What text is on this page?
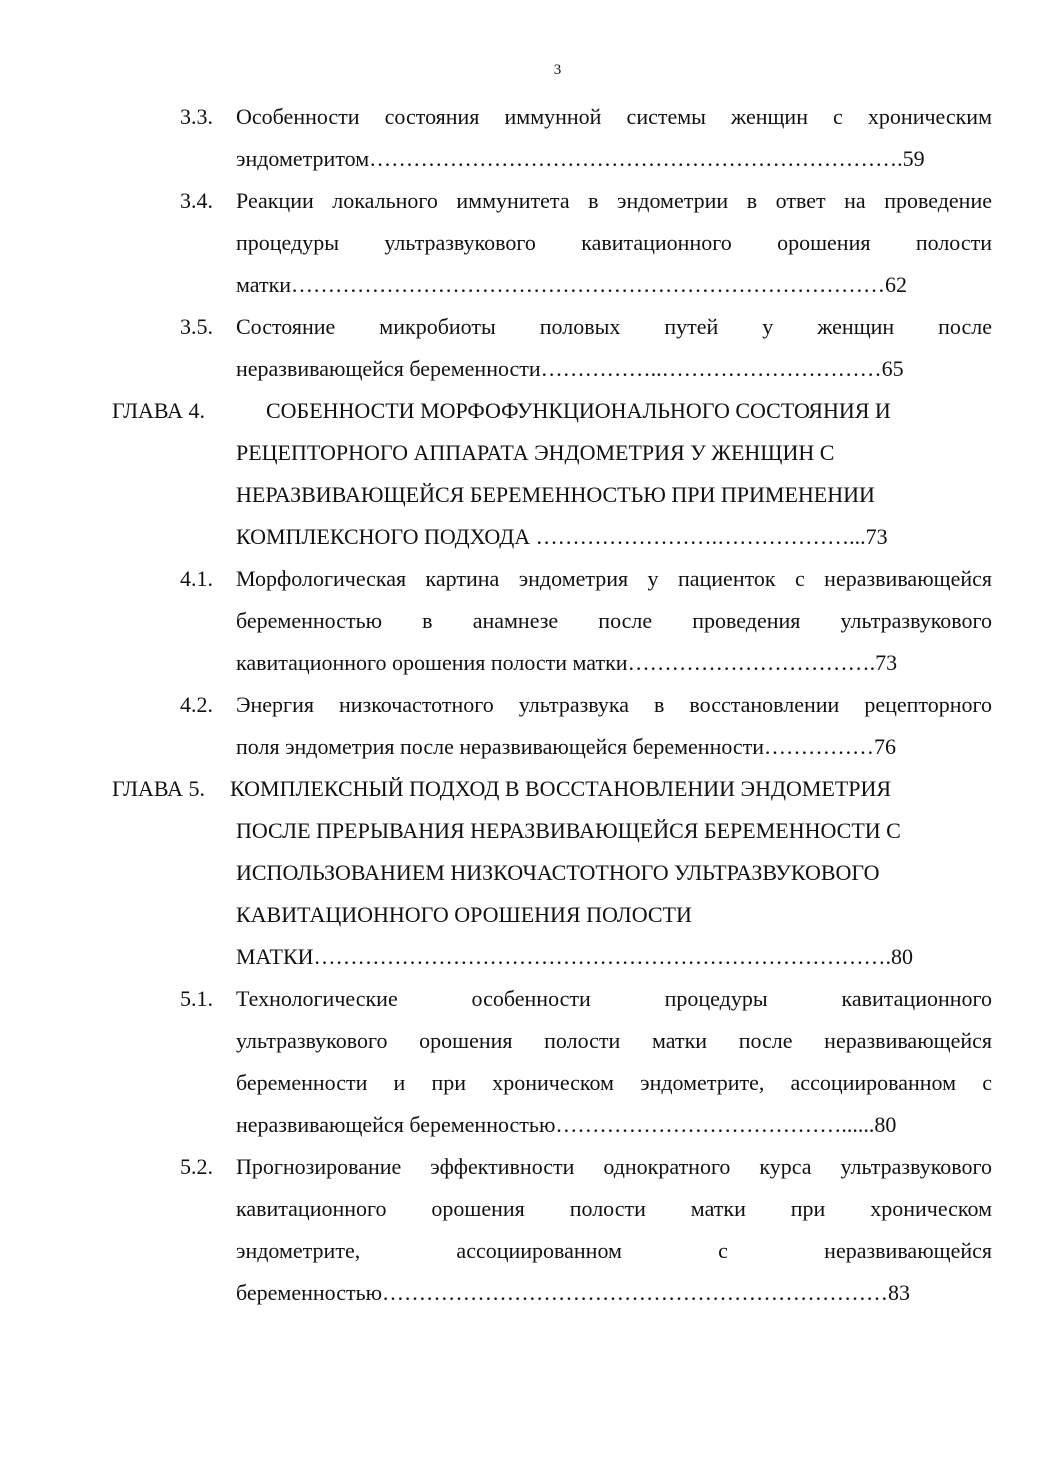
3
3.3. Особенности состояния иммунной системы женщин с хроническим
эндометритом……………………………………………………………….59
3.4. Реакции локального иммунитета в эндометрии в ответ на проведение
процедуры ультразвукового кавитационного орошения полости
матки………………………………………………………………………62
3.5. Состояние микробиоты половых путей у женщин после
неразвивающейся беременности……………..…………………………65
ГЛАВА 4.	СОБЕННОСТИ МОРФОФУНКЦИОНАЛЬНОГО СОСТОЯНИЯ И
РЕЦЕПТОРНОГО АППАРАТА ЭНДОМЕТРИЯ У ЖЕНЩИН С
НЕРАЗВИВАЮЩЕЙСЯ БЕРЕМЕННОСТЬЮ ПРИ ПРИМЕНЕНИИ
КОМПЛЕКСНОГО ПОДХОДА …………………….………………...73
4.1. Морфологическая картина эндометрия у пациенток с неразвивающейся
беременностью в анамнезе после проведения ультразвукового
кавитационного орошения полости матки…………………………….73
4.2. Энергия низкочастотного ультразвука в восстановлении рецепторного
поля эндометрия после неразвивающейся беременности……………76
ГЛАВА 5. КОМПЛЕКСНЫЙ ПОДХОД В ВОССТАНОВЛЕНИИ ЭНДОМЕТРИЯ
ПОСЛЕ ПРЕРЫВАНИЯ НЕРАЗВИВАЮЩЕЙСЯ БЕРЕМЕННОСТИ С
ИСПОЛЬЗОВАНИЕМ НИЗКОЧАСТОТНОГО УЛЬТРАЗВУКОВОГО
КАВИТАЦИОННОГО ОРОШЕНИЯ ПОЛОСТИ
МАТКИ…………………………………………………………………….80
5.1. Технологические особенности процедуры кавитационного
ультразвукового орошения полости матки после неразвивающейся
беременности и при хроническом эндометрите, ассоциированном с
неразвивающейся беременностью…………………………………......80
5.2. Прогнозирование эффективности однократного курса ультразвукового
кавитационного орошения полости матки при хроническом
эндометрите, ассоциированном с неразвивающейся
беременностью……………………………………………………………83
